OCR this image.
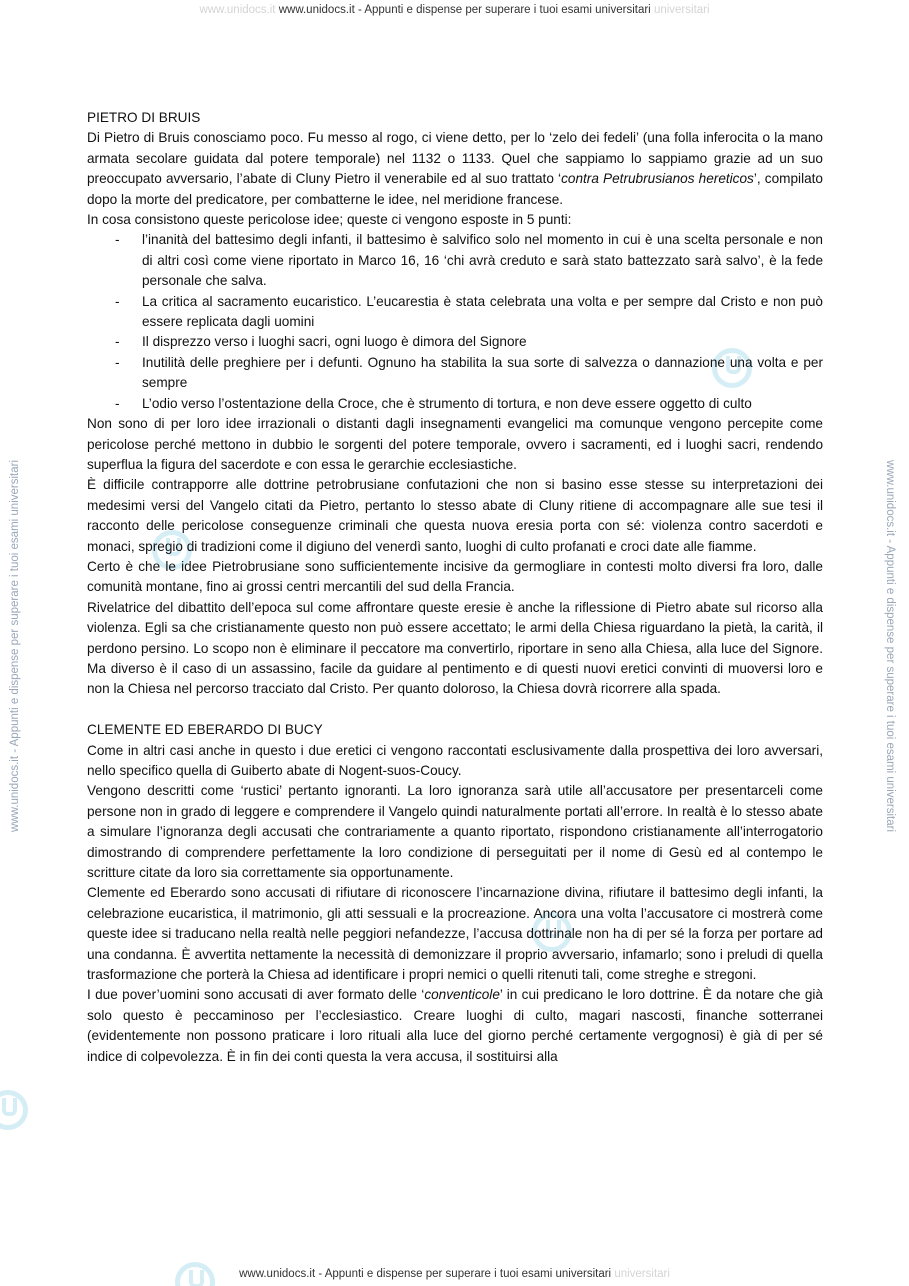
www.unidocs.it www.unidocs.it - Appunti e dispense per superare i tuoi esami universitari universitari
www.unidocs.it - Appunti e dispense per superare i tuoi esami universitari	www.unidocs.it - Appunti e dispense per superare i tuoi esami universitari
PIETRO DI BRUIS

Di Pietro di Bruis conosciamo poco. Fu messo al rogo, ci viene detto, per lo ‘zelo dei fedeli’ (una folla inferocita o la mano armata secolare guidata dal potere temporale) nel 1132 o 1133. Quel che sappiamo lo sappiamo grazie ad un suo preoccupato avversario, l’abate di Cluny Pietro il venerabile ed al suo trattato ‘contra Petrubrusianos hereticos’, compilato dopo la morte del predicatore, per combatterne le idee, nel meridione francese.

In cosa consistono queste pericolose idee; queste ci vengono esposte in 5 punti:

- l’inanità del battesimo degli infanti, il battesimo è salvifico solo nel momento in cui è una scelta personale e non di altri così come viene riportato in Marco 16, 16 ‘chi avrà creduto e sarà stato battezzato sarà salvo’, è la fede personale che salva.
- La critica al sacramento eucaristico. L’eucarestia è stata celebrata una volta e per sempre dal Cristo e non può essere replicata dagli uomini
- Il disprezzo verso i luoghi sacri, ogni luogo è dimora del Signore
- Inutilità delle preghiere per i defunti. Ognuno ha stabilita la sua sorte di salvezza o dannazione una volta e per sempre
- L’odio verso l’ostentazione della Croce, che è strumento di tortura, e non deve essere oggetto di culto

Non sono di per loro idee irrazionali o distanti dagli insegnamenti evangelici ma comunque vengono percepite come pericolose perché mettono in dubbio le sorgenti del potere temporale, ovvero i sacramenti, ed i luoghi sacri, rendendo superflua la figura del sacerdote e con essa le gerarchie ecclesiastiche.

È difficile contrapporre alle dottrine petrobrusiane confutazioni che non si basino esse stesse su interpretazioni dei medesimi versi del Vangelo citati da Pietro, pertanto lo stesso abate di Cluny ritiene di accompagnare alle sue tesi il racconto delle pericolose conseguenze criminali che questa nuova eresia porta con sé: violenza contro sacerdoti e monaci, spregio di tradizioni come il digiuno del venerdì santo, luoghi di culto profanati e croci date alle fiamme.

Certo è che le idee Pietrobrusiane sono sufficientemente incisive da germogliare in contesti molto diversi fra loro, dalle comunità montane, fino ai grossi centri mercantili del sud della Francia.

Rivelatrice del dibattito dell’epoca sul come affrontare queste eresie è anche la riflessione di Pietro abate sul ricorso alla violenza. Egli sa che cristianamente questo non può essere accettato; le armi della Chiesa riguardano la pietà, la carità, il perdono persino. Lo scopo non è eliminare il peccatore ma convertirlo, riportare in seno alla Chiesa, alla luce del Signore. Ma diverso è il caso di un assassino, facile da guidare al pentimento e di questi nuovi eretici convinti di muoversi loro e non la Chiesa nel percorso tracciato dal Cristo. Per quanto doloroso, la Chiesa dovrà ricorrere alla spada.

CLEMENTE ED EBERARDO DI BUCY

Come in altri casi anche in questo i due eretici ci vengono raccontati esclusivamente dalla prospettiva dei loro avversari, nello specifico quella di Guiberto abate di Nogent-suos-Coucy.

Vengono descritti come ‘rustici’ pertanto ignoranti. La loro ignoranza sarà utile all’accusatore per presentarceli come persone non in grado di leggere e comprendere il Vangelo quindi naturalmente portati all’errore. In realtà è lo stesso abate a simulare l’ignoranza degli accusati che contrariamente a quanto riportato, rispondono cristianamente all’interrogatorio dimostrando di comprendere perfettamente la loro condizione di perseguitati per il nome di Gesù ed al contempo le scritture citate da loro sia correttamente sia opportunamente.

Clemente ed Eberardo sono accusati di rifiutare di riconoscere l’incarnazione divina, rifiutare il battesimo degli infanti, la celebrazione eucaristica, il matrimonio, gli atti sessuali e la procreazione. Ancora una volta l’accusatore ci mostrerà come queste idee si traducano nella realtà nelle peggiori nefandezze, l’accusa dottrinale non ha di per sé la forza per portare ad una condanna. È avvertita nettamente la necessità di demonizzare il proprio avversario, infamarlo; sono i preludi di quella trasformazione che porterà la Chiesa ad identificare i propri nemici o quelli ritenuti tali, come streghe e stregoni.

I due pover’uomini sono accusati di aver formato delle ‘conventicole’ in cui predicano le loro dottrine. È da notare che già solo questo è peccaminoso per l’ecclesiastico. Creare luoghi di culto, magari nascosti, finanche sotterranei (evidentemente non possono praticare i loro rituali alla luce del giorno perché certamente vergognosi) è già di per sé indice di colpevolezza. È in fin dei conti questa la vera accusa, il sostituirsi alla

www.unidocs.it - Appunti e dispense per superare i tuoi esami universitari universitari
